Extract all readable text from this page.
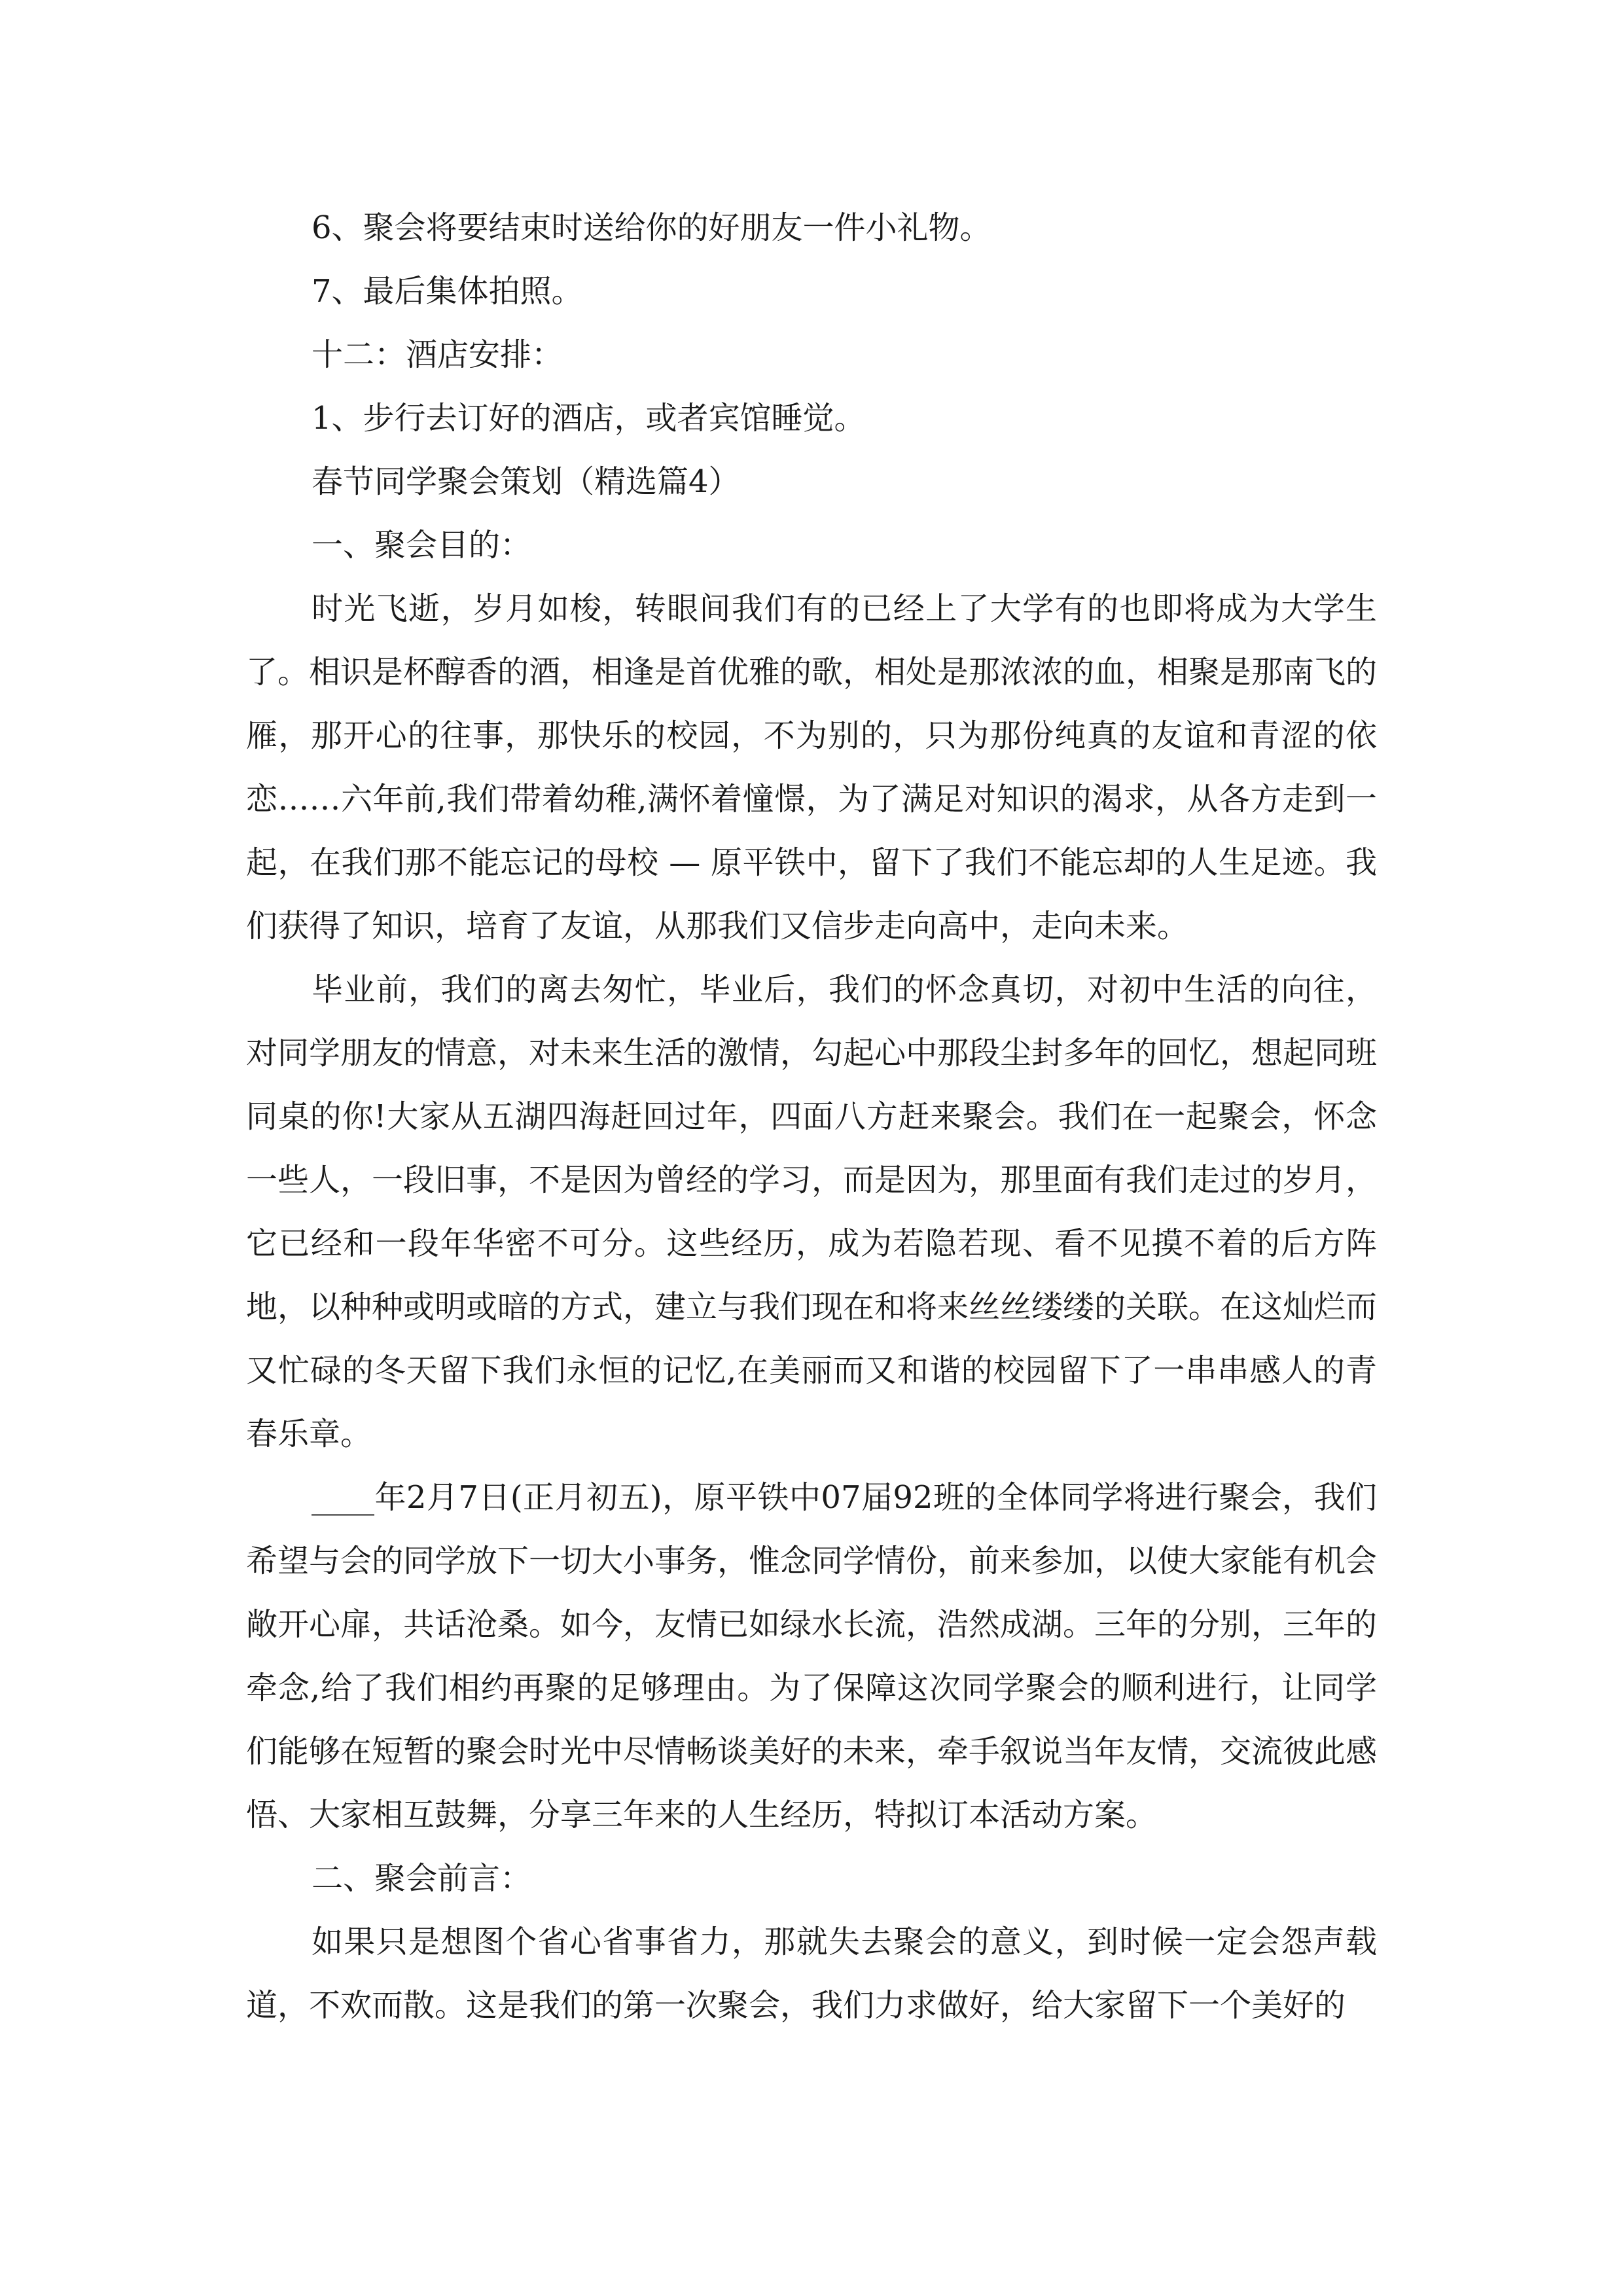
6、聚会将要结束时送给你的好朋友一件小礼物。
7、最后集体拍照。
十二：酒店安排：
1、步行去订好的酒店，或者宾馆睡觉。
春节同学聚会策划（精选篇4）
一、聚会目的：

时光飞逝，岁月如梭，转眼间我们有的已经上了大学有的也即将成为大学生了。相识是杯醇香的酒，相逢是首优雅的歌，相处是那浓浓的血，相聚是那南飞的雁，那开心的往事，那快乐的校园，不为别的，只为那份纯真的友谊和青涩的依恋……六年前,我们带着幼稚,满怀着憧憬，为了满足对知识的渴求，从各方走到一起，在我们那不能忘记的母校 — 原平铁中，留下了我们不能忘却的人生足迹。我们获得了知识，培育了友谊，从那我们又信步走向高中，走向未来。

毕业前，我们的离去匆忙，毕业后，我们的怀念真切，对初中生活的向往，对同学朋友的情意，对未来生活的激情，勾起心中那段尘封多年的回忆，想起同班同桌的你!大家从五湖四海赶回过年，四面八方赶来聚会。我们在一起聚会，怀念一些人，一段旧事，不是因为曾经的学习，而是因为，那里面有我们走过的岁月，它已经和一段年华密不可分。这些经历，成为若隐若现、看不见摸不着的后方阵地，以种种或明或暗的方式，建立与我们现在和将来丝丝缕缕的关联。在这灿烂而又忙碌的冬天留下我们永恒的记忆,在美丽而又和谐的校园留下了一串串感人的青春乐章。

____年2月7日(正月初五)，原平铁中07届92班的全体同学将进行聚会，我们希望与会的同学放下一切大小事务，惟念同学情份，前来参加，以使大家能有机会敞开心扉，共话沧桑。如今，友情已如绿水长流，浩然成湖。三年的分别，三年的牵念,给了我们相约再聚的足够理由。为了保障这次同学聚会的顺利进行，让同学们能够在短暂的聚会时光中尽情畅谈美好的未来，牵手叙说当年友情，交流彼此感悟、大家相互鼓舞，分享三年来的人生经历，特拟订本活动方案。

二、聚会前言：

如果只是想图个省心省事省力，那就失去聚会的意义，到时候一定会怨声载道，不欢而散。这是我们的第一次聚会，我们力求做好，给大家留下一个美好的
